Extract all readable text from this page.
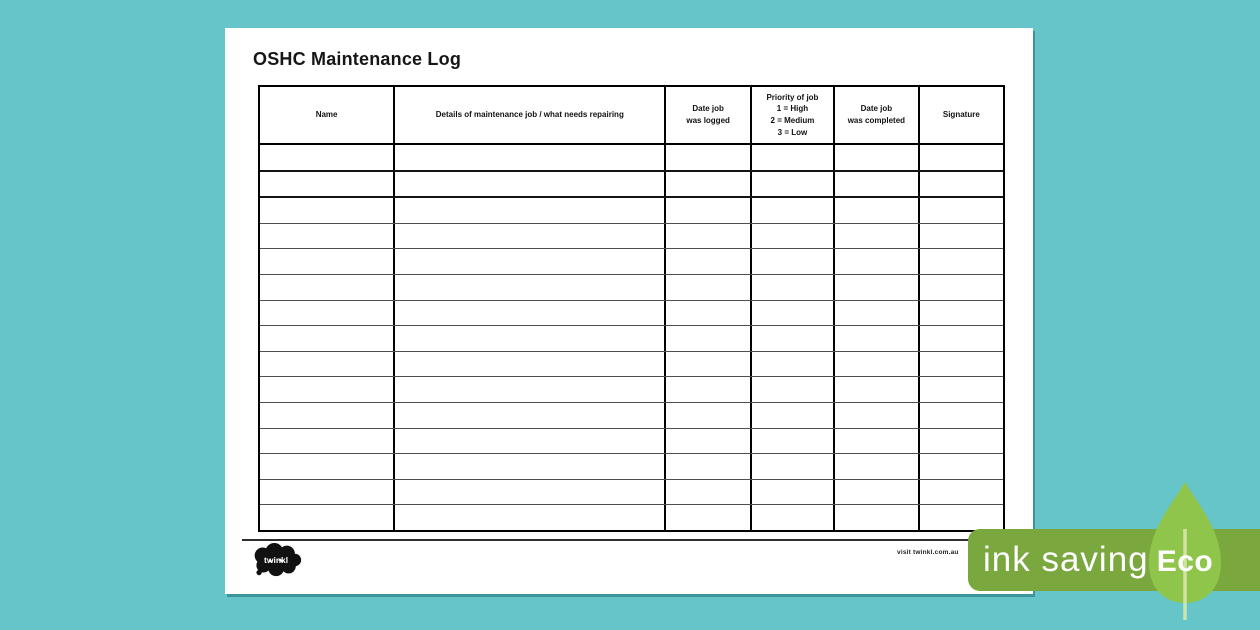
OSHC Maintenance Log
Name	Details of maintenance job / what needs repairing
Date job
was logged
Priority of job
1 = High
2 = Medium
3 = Low
Date job
was completed
Signature
twinkl
visit twinkl.com.au ink saving Eco
